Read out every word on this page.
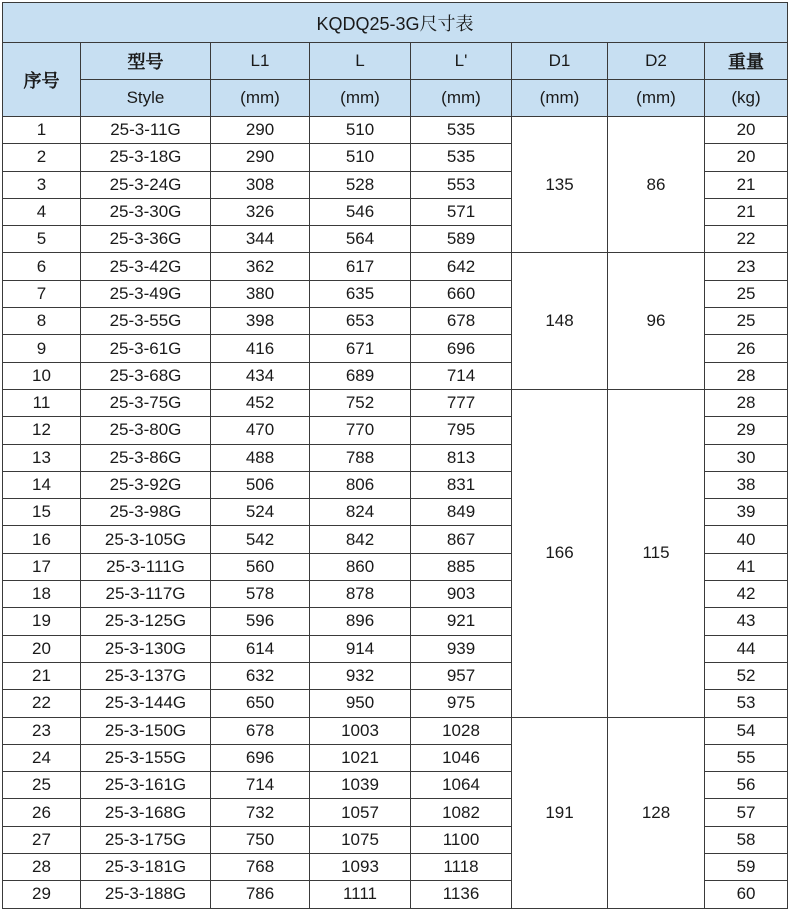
KQDQ25-3G尺寸表							
序号	型号	L1	L	L'	D1	D2	重量
	Style	(mm)	(mm)	(mm)	(mm)	(mm)	(kg)
1	25-3-11G	290	510	535	135	86	20
2	25-3-18G	290	510	535			20
3	25-3-24G	308	528	553			21
4	25-3-30G	326	546	571			21
5	25-3-36G	344	564	589			22
6	25-3-42G	362	617	642	148	96	23
7	25-3-49G	380	635	660			25
8	25-3-55G	398	653	678			25
9	25-3-61G	416	671	696			26
10	25-3-68G	434	689	714			28
11	25-3-75G	452	752	777	166	115	28
12	25-3-80G	470	770	795			29
13	25-3-86G	488	788	813			30
14	25-3-92G	506	806	831			38
15	25-3-98G	524	824	849			39
16	25-3-105G	542	842	867			40
17	25-3-111G	560	860	885			41
18	25-3-117G	578	878	903			42
19	25-3-125G	596	896	921			43
20	25-3-130G	614	914	939			44
21	25-3-137G	632	932	957			52
22	25-3-144G	650	950	975			53
23	25-3-150G	678	1003	1028	191	128	54
24	25-3-155G	696	1021	1046			55
25	25-3-161G	714	1039	1064			56
26	25-3-168G	732	1057	1082			57
27	25-3-175G	750	1075	1100			58
28	25-3-181G	768	1093	1118			59
29	25-3-188G	786	1111	1136			60
